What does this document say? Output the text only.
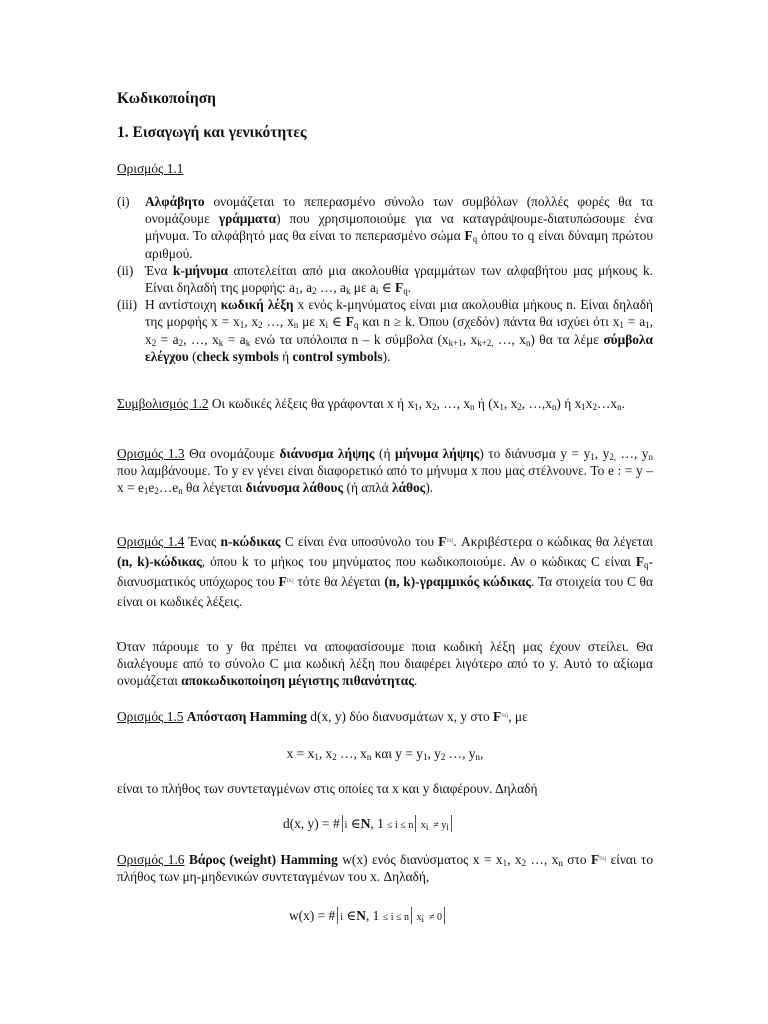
Κωδικοποίηση
1. Εισαγωγή και γενικότητες
Ορισμός 1.1
(i) Αλφάβητο ονομάζεται το πεπερασμένο σύνολο των συμβόλων (πολλές φορές θα τα ονομάζουμε γράμματα) που χρησιμοποιούμε για να καταγράψουμε-διατυπώσουμε ένα μήνυμα. Το αλφάβητό μας θα είναι το πεπερασμένο σώμα $F_q$ όπου το q είναι δύναμη πρώτου αριθμού.
(ii) Ένα k-μήνυμα αποτελείται από μια ακολουθία γραμμάτων των αλφαβήτου μας μήκους k. Είναι δηλαδή της μορφής: $a_1$, $a_2$ …, $a_k$ με $a_i$ ∈ $F_q$.
(iii) Η αντίστοιχη κωδική λέξη x ενός k-μηνύματος είναι μια ακολουθία μήκους n. Είναι δηλαδή της μορφής $x = x_1$, $x_2$ …, $x_n$ με $x_i$ ∈ $F_q$ και n ≥ k. Όπου (σχεδόν) πάντα θα ισχύει ότι $x_1 = a_1$, $x_2 = a_2$, …, $x_k = a_k$ ενώ τα υπόλοιπα n – k σύμβολα ($x_{k+1}$, $x_{k+2,}$ …, $x_n$) θα τα λέμε σύμβολα ελέγχου (check symbols ή control symbols).
Συμβολισμός 1.2 Οι κωδικές λέξεις θα γράφονται x ή $x_1$, $x_2$, …, $x_n$ ή ($x_1$, $x_2$, $\dots,x_n$) ή $x_1x_2\dots x_n$.
Ορισμός 1.3 Θα ονομάζουμε διάνυσμα λήψης (ή μήνυμα λήψης) το διάνυσμα $y = y_1$, $y_{2,}$ …, $y_n$ που λαμβάνουμε. Το y εν γένει είναι διαφορετικό από το μήνυμα x που μας στέλνουνε. Το e : = $y - x = e_1e_2\dots e_n$ θα λέγεται διάνυσμα λάθους (ή απλά λάθος).
Ορισμός 1.4 Ένας n-κώδικας C είναι ένα υποσύνολο του $F^n_q$. Ακριβέστερα ο κώδικας θα λέγεται (n, k)-κώδικας, όπου k το μήκος του μηνύματος που κωδικοποιούμε. Αν ο κώδικας C είναι $F_q$-διανυσματικός υπόχωρος του $F^n_q$ τότε θα λέγεται (n, k)-γραμμικός κώδικας. Τα στοιχεία του C θα είναι οι κωδικές λέξεις.
Όταν πάρουμε το y θα πρέπει να αποφασίσουμε ποια κωδική λέξη μας έχουν στείλει. Θα διαλέγουμε από το σύνολο C μια κωδική λέξη που διαφέρει λιγότερο από το y. Αυτό το αξίωμα ονομάζεται αποκωδικοποίηση μέγιστης πιθανότητας.
Ορισμός 1.5 Απόσταση Hamming d(x, y) δύο διανυσμάτων x, y στο $F^n_q$, με
$x = x_1$, $x_2$ …, $x_n$ και $y = y_1$, $y_2$ …, $y_n$,
είναι το πλήθος των συντεταγμένων στις οποίες τα x και y διαφέρουν. Δηλαδή
d(x, y) = # i ∈N, 1 ≤ i ≤ n $x_i \ne y_i$
Ορισμός 1.6 Βάρος (weight) Hamming w(x) ενός διανύσματος $x = x_1$, $x_2$ …, $x_n$ στο $F^n_q$ είναι το πλήθος των μη-μηδενικών συντεταγμένων του x. Δηλαδή,
w(x) = # i ∈N, 1 ≤ i ≤ n $x_i \ne 0$
